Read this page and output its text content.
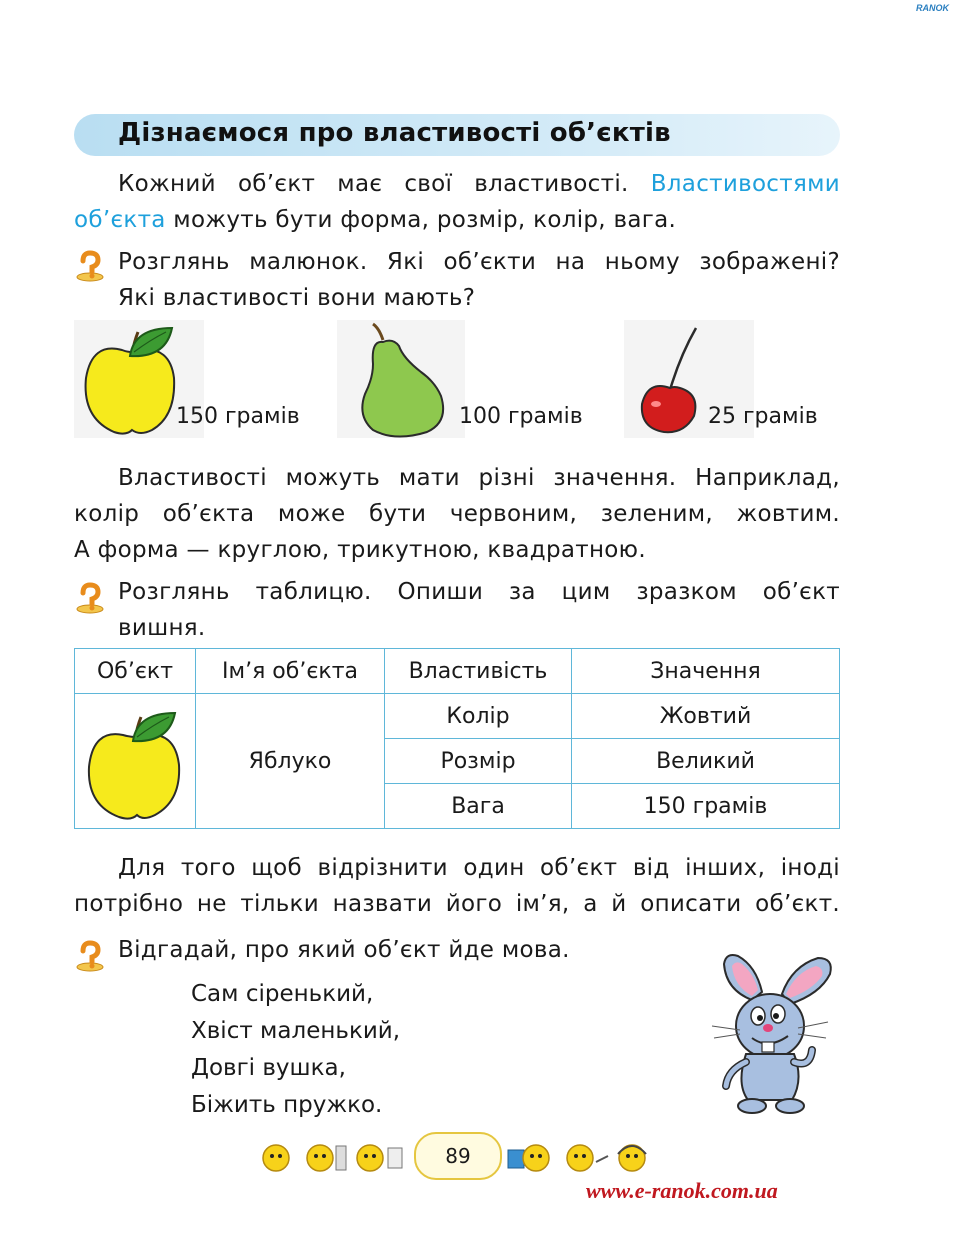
RANOK
Дізнаємося про властивості об’єктів
Кожний об’єкт має свої властивості. Властивостями
об’єкта можуть бути форма, розмір, колір, вага.
Розглянь малюнок. Які об’єкти на ньому зображені?
Які властивості вони мають?
150 грамів	100 грамів	25 грамів
Властивості можуть мати різні значення. Наприклад,
колір об’єкта може бути червоним, зеленим, жовтим.
А форма — круглою, трикутною, квадратною.
Розглянь таблицю. Опиши за цим зразком об’єкт
вишня.
Об’єкт	Ім’я об’єкта	Властивість	Значення

	Яблуко	Колір	Жовтий
		Розмір	Великий
		Вага	150 грамів
Для того щоб відрізнити один об’єкт від інших, іноді
потрібно не тільки назвати його ім’я, а й описати об’єкт.
Відгадай, про який об’єкт йде мова.
Сам сіренький,
Хвіст маленький,
Довгі вушка,
Біжить пружко.
89
www.e-ranok.com.ua
